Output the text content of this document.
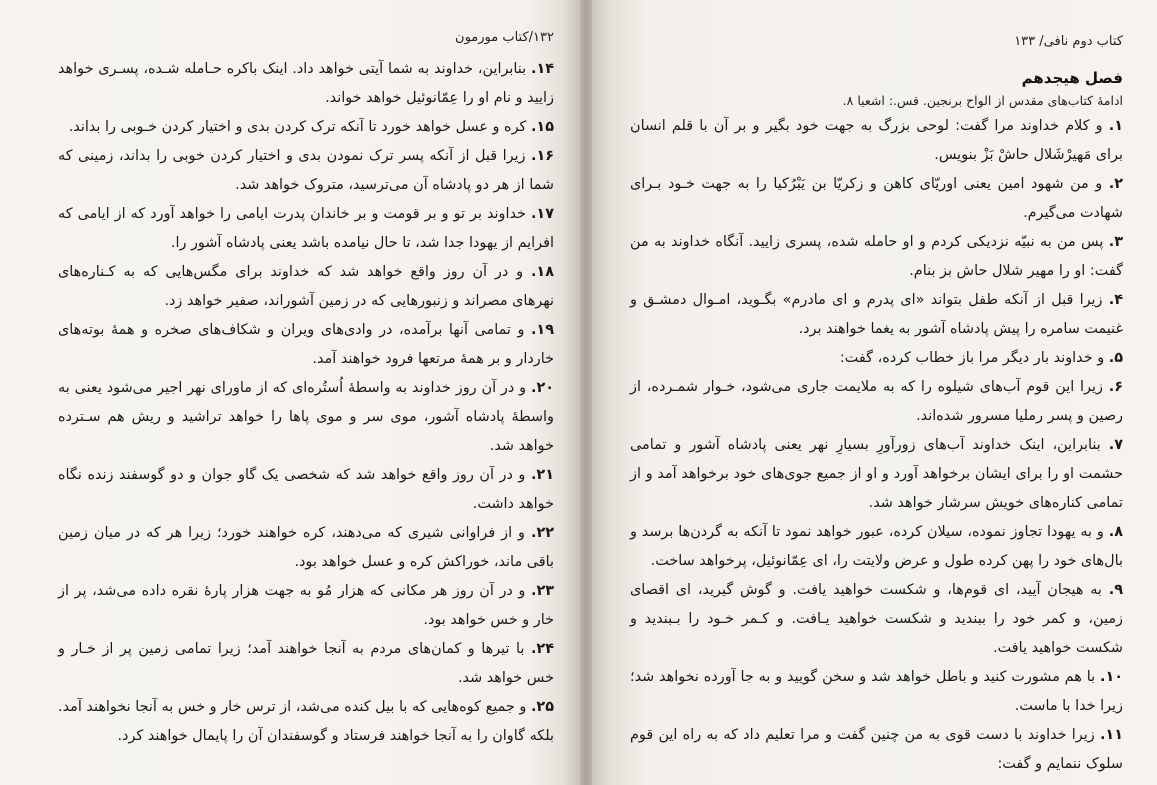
۱۳۲/کتاب مورمون

۱۴. بنابراین، خداوند به شما آیتی خواهد داد. اینک باکره حـامله شـده، پسـری خواهد زایید و نام او را عِمّانوئیل خواهد خواند.

۱۵. کره و عسل خواهد خورد تا آنکه ترک کردن بدی و اختیار کردن خـوبی را بداند.

۱۶. زیرا قبل از آنکه پسر ترک نمودن بدی و اختیار کردن خوبی را بداند، زمینی که شما از هر دو پادشاه آن می‌ترسید، متروک خواهد شد.

۱۷. خداوند بر تو و بر قومت و بر خاندان پدرت ایامی را خواهد آورد که از ایامی که افرایم از یهودا جدا شد، تا حال نیامده باشد یعنی پادشاه آشور را.

۱۸. و در آن روز واقع خواهد شد که خداوند برای مگس‌هایی که به کـناره‌های نهرهای مصراند و زنبورهایی که در زمین آشوراند، صفیر خواهد زد.

۱۹. و تمامی آنها برآمده، در وادی‌های ویران و شکاف‌های صخره و همهٔ بوته‌های خاردار و بر همهٔ مرتعها فرود خواهند آمد.

۲۰. و در آن روز خداوند به واسطهٔ اُستُره‌ای که از ماورای نهر اجیر می‌شود یعنی به واسطهٔ پادشاه آشور، موی سر و موی پاها را خواهد تراشید و ریش هم سـترده خواهد شد.

۲۱. و در آن روز واقع خواهد شد که شخصی یک گاو جوان و دو گوسفند زنده نگاه خواهد داشت.

۲۲. و از فراوانی شیری که می‌دهند، کره خواهند خورد؛ زیرا هر که در میان زمین باقی ماند، خوراکش کره و عسل خواهد بود.

۲۳. و در آن روز هر مکانی که هزار مُو به جهت هزار پارهٔ نقره داده می‌شد، پر از خار و خس خواهد بود.

۲۴. با تیرها و کمان‌های مردم به آنجا خواهند آمد؛ زیرا تمامی زمین پر از خـار و خس خواهد شد.

۲۵. و جمیع کوه‌هایی که با بیل کنده می‌شد، از ترس خار و خس به آنجا نخواهند آمد. بلکه گاوان را به آنجا خواهند فرستاد و گوسفندان آن را پایمال خواهند کرد.

کتاب دوم نافی/ ۱۳۳
فصل هیجدهم
ادامهٔ کتاب‌های مقدس از الواح برنجین. قس.: اشعیا ۸.

۱. و کلام خداوند مرا گفت: لوحی بزرگ به جهت خود بگیر و بر آن با قلم انسان برای مَهیرْشَلال حاشْ بَزْ بنویس.

۲. و من شهود امین یعنی اوریّای کاهن و زکریّا بن یَبْرُکیا را به جهت خـود بـرای شهادت می‌گیرم.

۳. پس من به نبیّه نزدیکی کردم و او حامله شده، پسری زایید. آنگاه خداوند به من گفت: او را مهیر شلال حاش بز بنام.

۴. زیرا قبل از آنکه طفل بتواند «ای پدرم و ای مادرم» بگـوید، امـوال دمشـق و غنیمت سامره را پیش پادشاه آشور به یغما خواهند برد.

۵. و خداوند بار دیگر مرا باز خطاب کرده، گفت:

۶. زیرا این قوم آب‌های شیلوه را که به ملایمت جاری می‌شود، خـوار شمـرده، از رصین و پسر رملیا مسرور شده‌اند.

۷. بنابراین، اینک خداوند آب‌های زورآورِ بسیارِ نهر یعنی پادشاه آشور و تمامی حشمت او را برای ایشان برخواهد آورد و او از جمیع جوی‌های خود برخواهد آمد و از تمامی کناره‌های خویش سرشار خواهد شد.

۸. و به یهودا تجاوز نموده، سیلان کرده، عبور خواهد نمود تا آنکه به گردن‌ها برسد و بال‌های خود را پهن کرده طول و عرض ولایتت را، ای عِمّانوئیل، پرخواهد ساخت.

۹. به هیجان آیید، ای قوم‌ها، و شکست خواهید یافت. و گوش گیرید، ای اقصای زمین، و کمر خود را ببندید و شکست خواهید یـافت. و کـمر خـود را بـبندید و شکست خواهید یافت.

۱۰. با هم مشورت کنید و باطل خواهد شد و سخن گویید و به جا آورده نخواهد شد؛ زیرا خدا با ماست.

۱۱. زیرا خداوند با دست قوی به من چنین گفت و مرا تعلیم داد که به راه این قوم سلوک ننمایم و گفت:
